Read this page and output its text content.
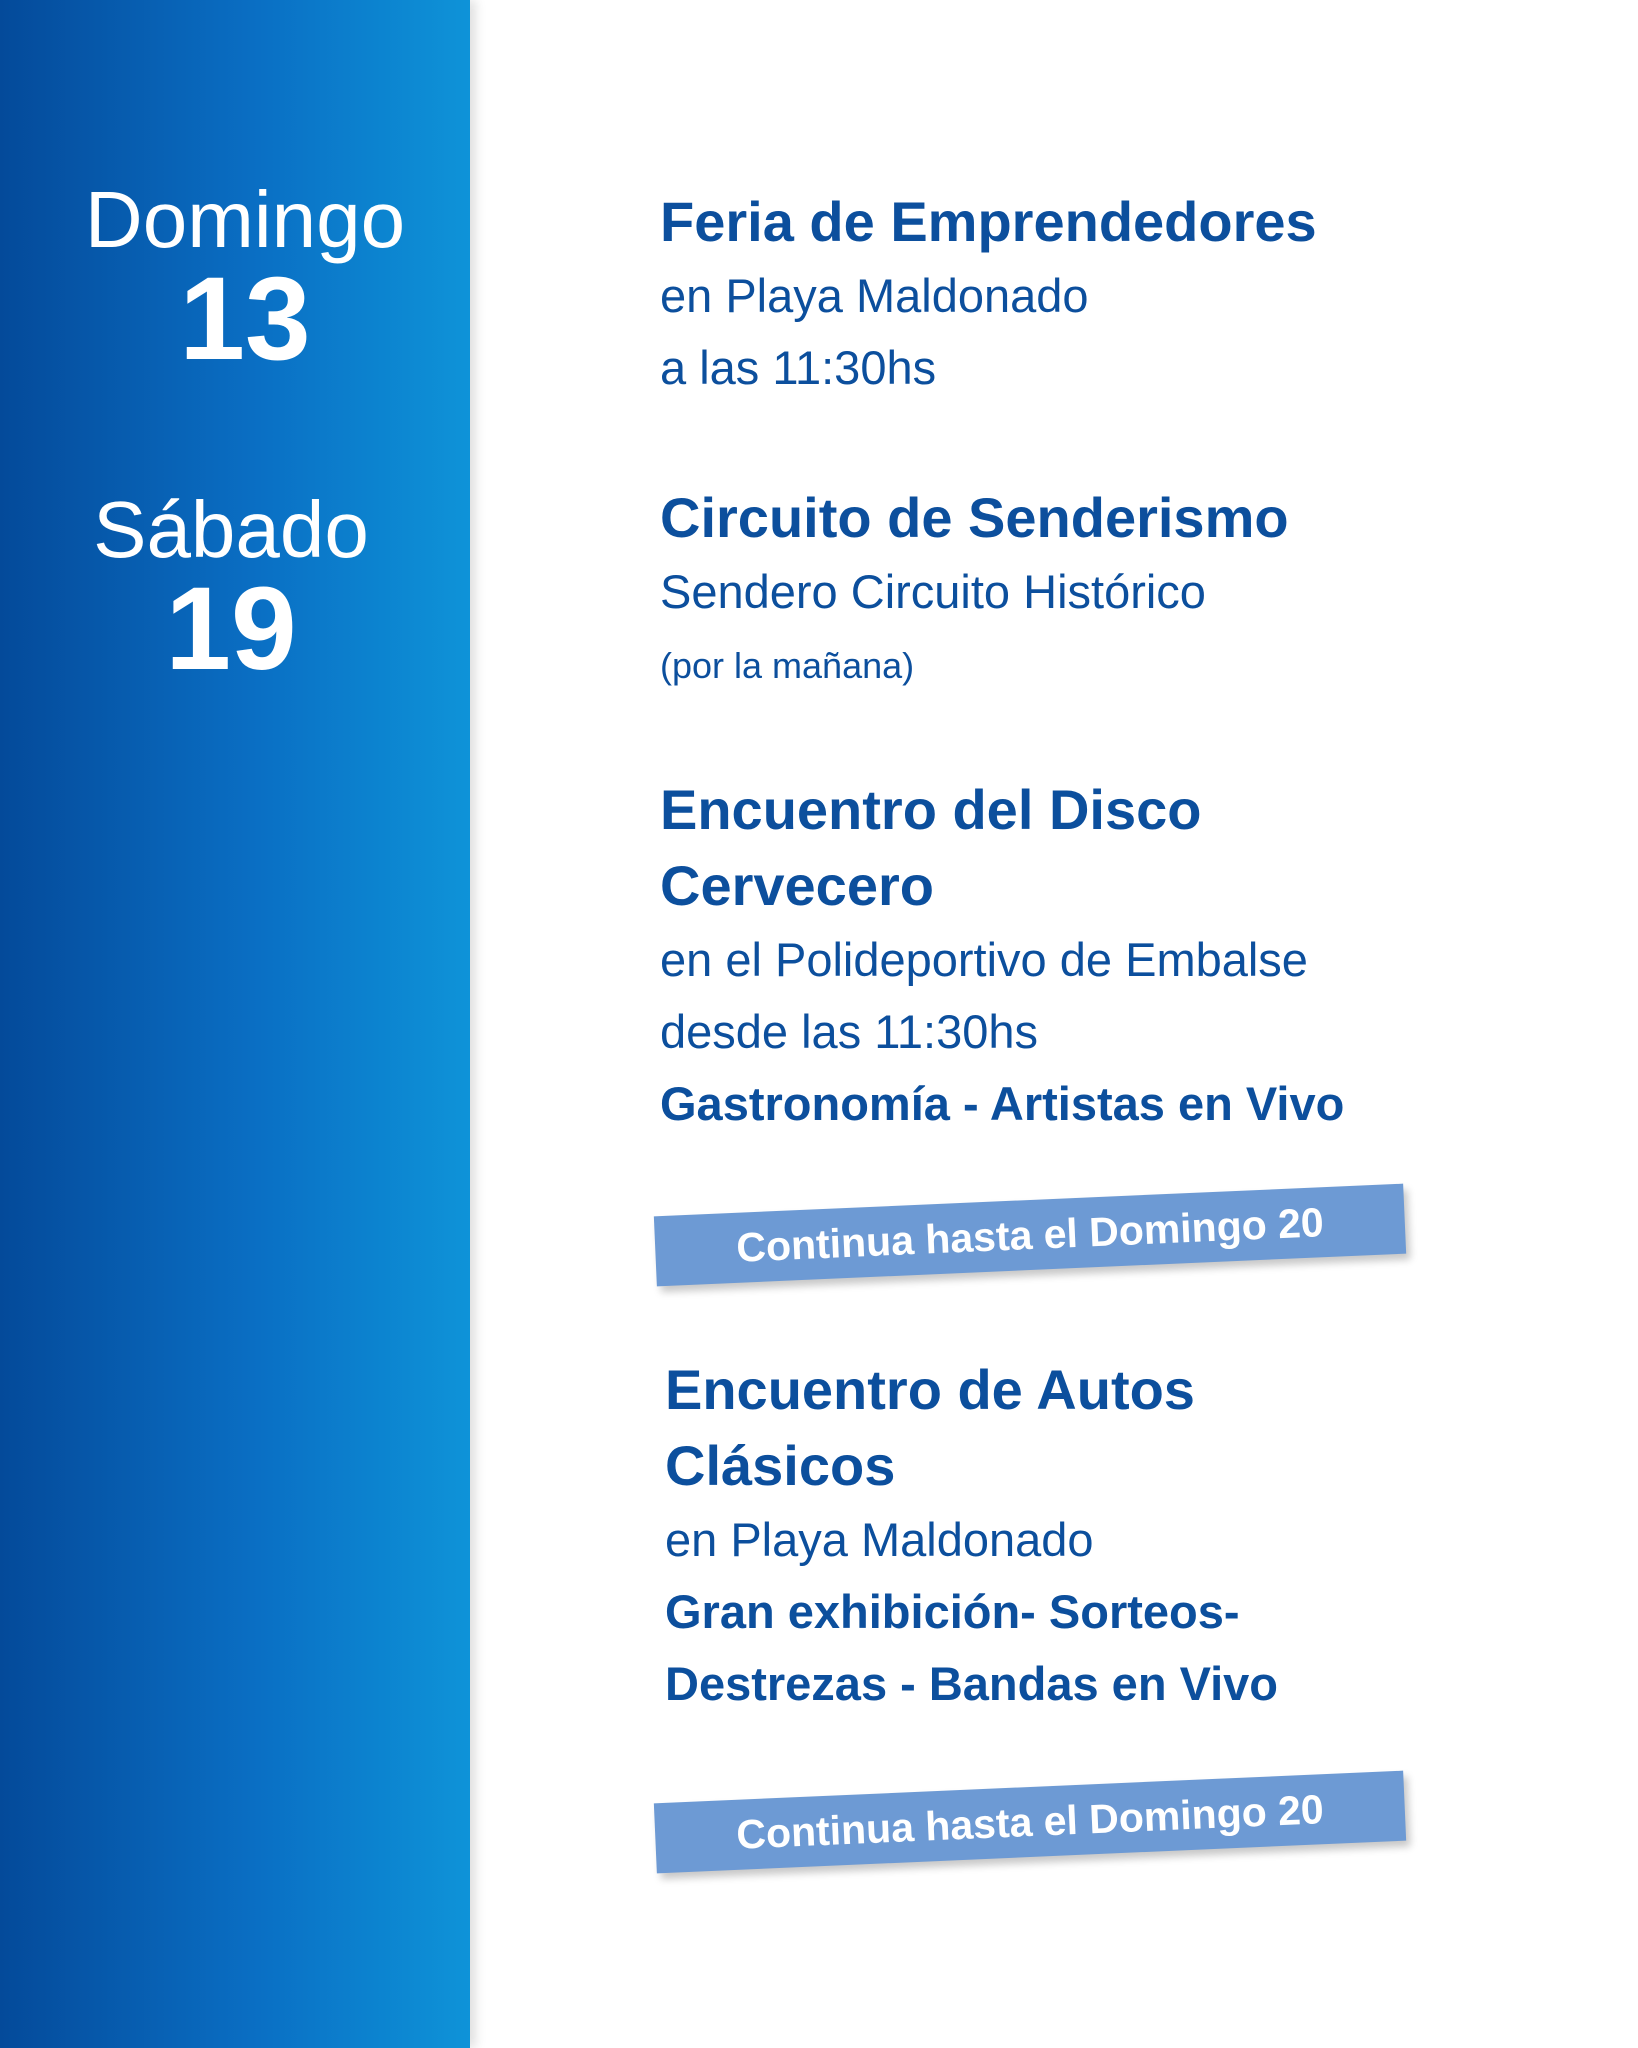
Domingo
13
Sábado
19

Feria de Emprendedores

en Playa Maldonado

a las 11:30hs

Circuito de Senderismo

Sendero Circuito Histórico

(por la mañana)

Encuentro del Disco

Cervecero

en el Polideportivo de Embalse

desde las 11:30hs

Gastronomía - Artistas en Vivo

Continua hasta el Domingo 20

Encuentro de Autos

Clásicos

en Playa Maldonado

Gran exhibición- Sorteos-

Destrezas - Bandas en Vivo

Continua hasta el Domingo 20
